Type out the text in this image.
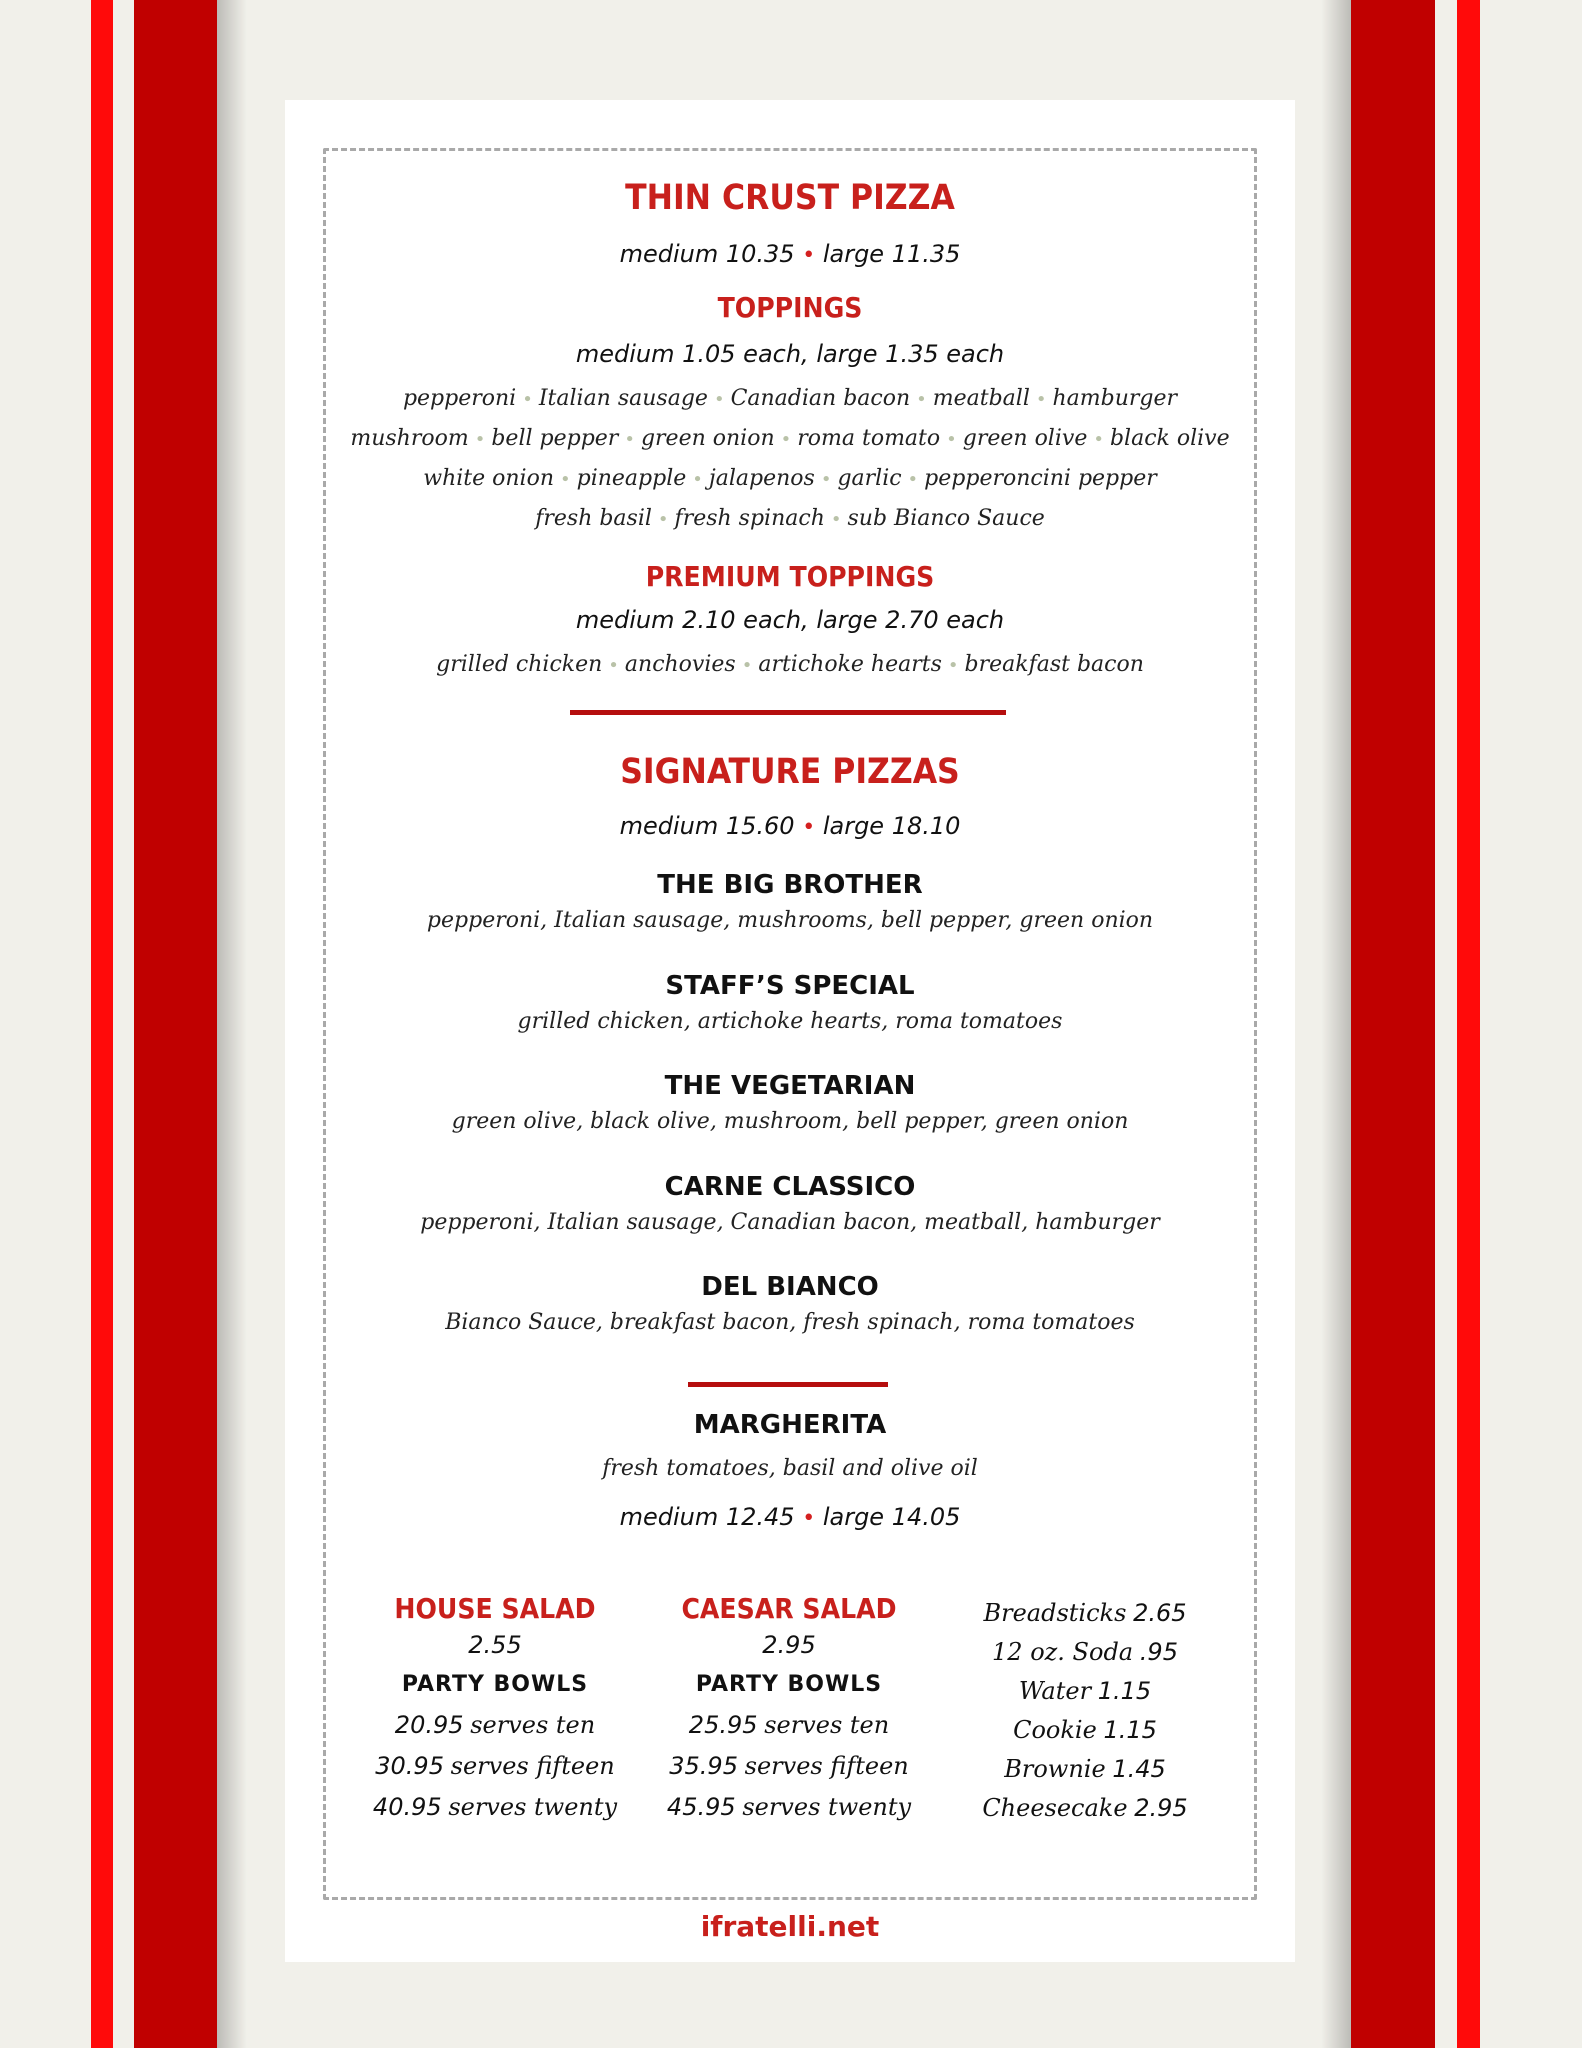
THIN CRUST PIZZA

medium 10.35 • large 11.35

TOPPINGS

medium 1.05 each, large 1.35 each

pepperoni • Italian sausage • Canadian bacon • meatball • hamburger

mushroom • bell pepper • green onion • roma tomato • green olive • black olive

white onion • pineapple • jalapenos • garlic • pepperoncini pepper

fresh basil • fresh spinach • sub Bianco Sauce

PREMIUM TOPPINGS

medium 2.10 each, large 2.70 each

grilled chicken • anchovies • artichoke hearts • breakfast bacon

SIGNATURE PIZZAS

medium 15.60 • large 18.10

THE BIG BROTHER

pepperoni, Italian sausage, mushrooms, bell pepper, green onion

STAFF’S SPECIAL

grilled chicken, artichoke hearts, roma tomatoes

THE VEGETARIAN

green olive, black olive, mushroom, bell pepper, green onion

CARNE CLASSICO

pepperoni, Italian sausage, Canadian bacon, meatball, hamburger

DEL BIANCO

Bianco Sauce, breakfast bacon, fresh spinach, roma tomatoes

MARGHERITA

fresh tomatoes, basil and olive oil

medium 12.45 • large 14.05

HOUSE SALAD

2.55

PARTY BOWLS

20.95 serves ten

30.95 serves fifteen

40.95 serves twenty

CAESAR SALAD

2.95

PARTY BOWLS

25.95 serves ten

35.95 serves fifteen

45.95 serves twenty

Breadsticks 2.65

12 oz. Soda .95

Water 1.15

Cookie 1.15

Brownie 1.45

Cheesecake 2.95

ifratelli.net
